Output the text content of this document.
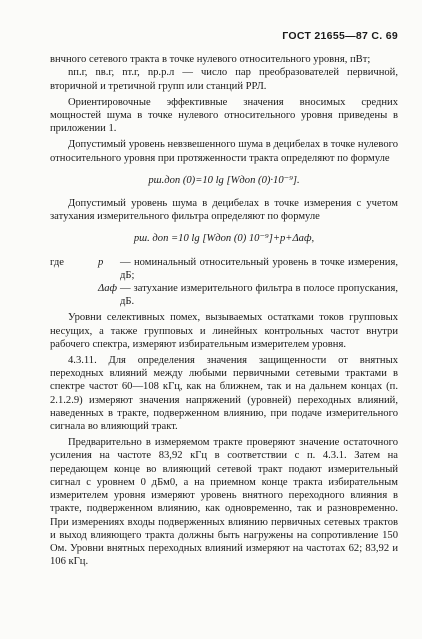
ГОСТ 21655—87 С. 69

внчного сетевого тракта в точке нулевого относительного уровня, пВт;

nп.г, nв.г, nт.г, nр.р.л — число пар преобразователей первичной, вторичной и третичной групп или станций РРЛ.

Ориентировочные эффективные значения вносимых средних мощностей шума в точке нулевого относительного уровня приведены в приложении 1.

Допустимый уровень невзвешенного шума в децибелах в точке нулевого относительного уровня при протяженности тракта определяют по формуле

pш.доп (0)=10 lg [Wдоп (0)·10⁻⁹].

Допустимый уровень шума в децибелах в точке измерения с учетом затухания измерительного фильтра определяют по формуле

pш. доп =10 lg [Wдоп (0) 10⁻⁹]+p+Δaф,
где	p	— номинальный относительный уровень в точке измерения, дБ;
Δaф — затухание измерительного фильтра в полосе пропускания, дБ.

Уровни селективных помех, вызываемых остатками токов групповых несущих, а также групповых и линейных контрольных частот внутри рабочего спектра, измеряют избирательным измерителем уровня.

4.3.11. Для определения значения защищенности от внятных переходных влияний между любыми первичными сетевыми трактами в спектре частот 60—108 кГц, как на ближнем, так и на дальнем концах (п. 2.1.2.9) измеряют значения напряжений (уровней) переходных влияний, наведенных в тракте, подверженном влиянию, при подаче измерительного сигнала во влияющий тракт.

Предварительно в измеряемом тракте проверяют значение остаточного усиления на частоте 83,92 кГц в соответствии с п. 4.3.1. Затем на передающем конце во влияющий сетевой тракт подают измерительный сигнал с уровнем 0 дБм0, а на приемном конце тракта избирательным измерителем уровня измеряют уровень внятного переходного влияния в тракте, подверженном влиянию, как одновременно, так и разновременно. При измерениях входы подверженных влиянию первичных сетевых трактов и выход влияющего тракта должны быть нагружены на сопротивление 150 Ом. Уровни внятных переходных влияний измеряют на частотах 62; 83,92 и 106 кГц.
